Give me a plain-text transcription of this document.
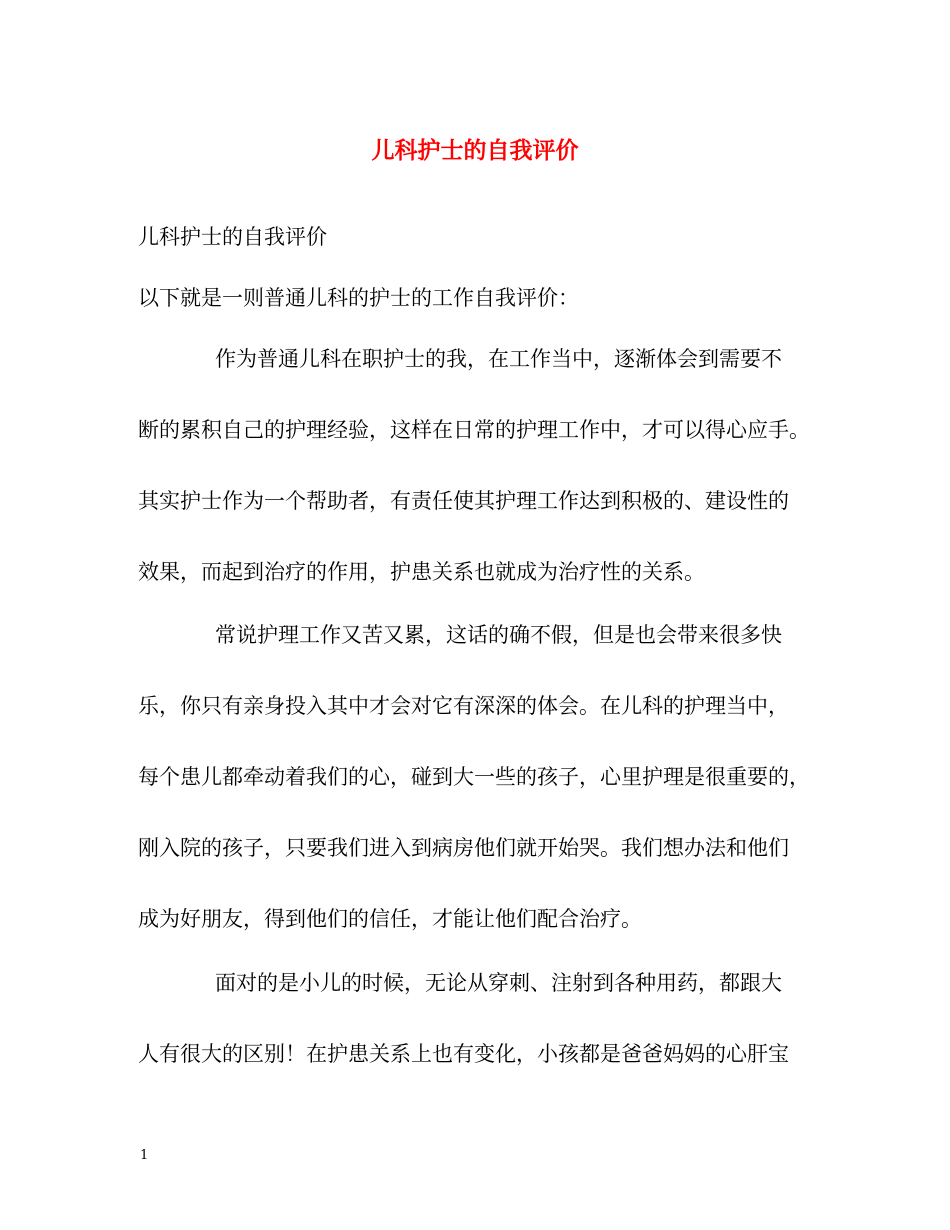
儿科护士的自我评价
儿科护士的自我评价
以下就是一则普通儿科的护士的工作自我评价：
作为普通儿科在职护士的我，在工作当中，逐渐体会到需要不
断的累积自己的护理经验，这样在日常的护理工作中，才可以得心应手。
其实护士作为一个帮助者，有责任使其护理工作达到积极的、建设性的
效果，而起到治疗的作用，护患关系也就成为治疗性的关系。
常说护理工作又苦又累，这话的确不假，但是也会带来很多快
乐，你只有亲身投入其中才会对它有深深的体会。在儿科的护理当中，
每个患儿都牵动着我们的心，碰到大一些的孩子，心里护理是很重要的，
刚入院的孩子，只要我们进入到病房他们就开始哭。我们想办法和他们
成为好朋友，得到他们的信任，才能让他们配合治疗。
面对的是小儿的时候，无论从穿刺、注射到各种用药，都跟大
人有很大的区别！在护患关系上也有变化，小孩都是爸爸妈妈的心肝宝
1
